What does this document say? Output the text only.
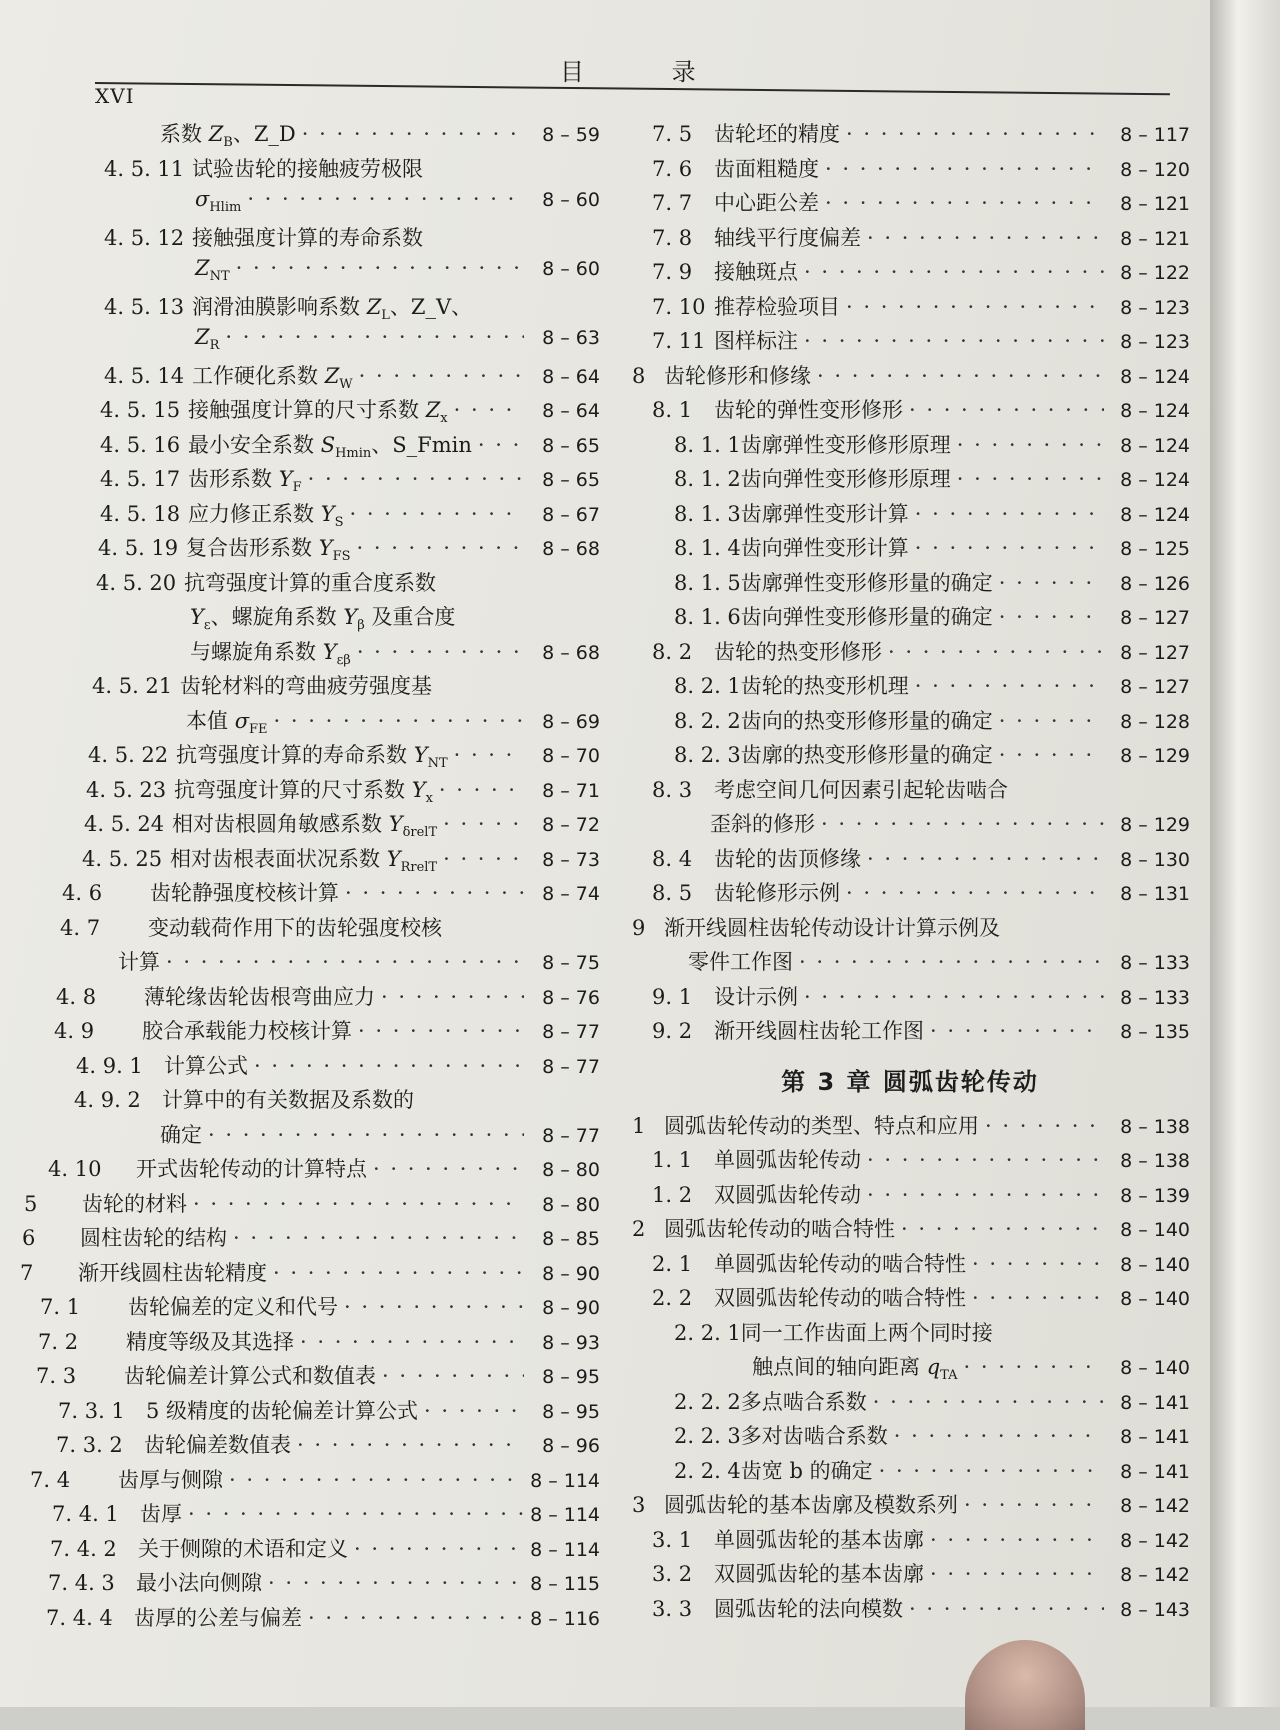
目 录
XVI
系数 $Z_B$、Z_D · · ·	8 – 59
4. 5. 11 试验齿轮的接触疲劳极限
$\sigma_{Hlim}$ · · ·	8 – 60
4. 5. 12 接触强度计算的寿命系数
$Z_{NT}$ · · ·	8 – 60
4. 5. 13 润滑油膜影响系数 $Z_L$、Z_V、
$Z_R$ · · ·	8 – 63
4. 5. 14 工作硬化系数 $Z_W$ · · ·	8 – 64
4. 5. 15 接触强度计算的尺寸系数 $Z_x$ · · ·	8 – 64
4. 5. 16 最小安全系数 $S_{Hmin}$、S_Fmin · · ·	8 – 65
4. 5. 17 齿形系数 $Y_F$ · · ·	8 – 65
4. 5. 18 应力修正系数 $Y_S$ · · ·	8 – 67
4. 5. 19 复合齿形系数 $Y_{FS}$ · · ·	8 – 68
4. 5. 20 抗弯强度计算的重合度系数
$Y_\varepsilon$、螺旋角系数 $Y_\beta$ 及重合度
与螺旋角系数 $Y_{\varepsilon\beta}$ · · ·	8 – 68
4. 5. 21 齿轮材料的弯曲疲劳强度基
本值 $\sigma_{FE}$ · · ·	8 – 69
4. 5. 22 抗弯强度计算的寿命系数 $Y_{NT}$ · · ·	8 – 70
4. 5. 23 抗弯强度计算的尺寸系数 $Y_x$ · · ·	8 – 71
4. 5. 24 相对齿根圆角敏感系数 $Y_{\delta relT}$ · · ·	8 – 72
4. 5. 25 相对齿根表面状况系数 $Y_{RrelT}$ · · ·	8 – 73
4. 6	齿轮静强度校核计算 · · ·	8 – 74
4. 7	变动载荷作用下的齿轮强度校核
计算 · · ·	8 – 75
4. 8	薄轮缘齿轮齿根弯曲应力 · · ·	8 – 76
4. 9	胶合承载能力校核计算 · · ·	8 – 77
4. 9. 1	计算公式 · · ·	8 – 77
4. 9. 2	计算中的有关数据及系数的
确定 · · ·	8 – 77
4. 10	开式齿轮传动的计算特点 · · ·	8 – 80
5	齿轮的材料 · · ·	8 – 80
6	圆柱齿轮的结构 · · ·	8 – 85
7	渐开线圆柱齿轮精度 · · ·	8 – 90
7. 1	齿轮偏差的定义和代号 · · ·	8 – 90
7. 2	精度等级及其选择 · · ·	8 – 93
7. 3	齿轮偏差计算公式和数值表 · · ·	8 – 95
7. 3. 1	5 级精度的齿轮偏差计算公式 · · ·	8 – 95
7. 3. 2	齿轮偏差数值表 · · ·	8 – 96
7. 4	齿厚与侧隙 · · ·	8 – 114
7. 4. 1	齿厚 · · ·	8 – 114
7. 4. 2	关于侧隙的术语和定义 · · ·	8 – 114
7. 4. 3	最小法向侧隙 · · ·	8 – 115
7. 4. 4	齿厚的公差与偏差 · · ·	8 – 116
7. 5	齿轮坯的精度 · · ·	8 – 117
7. 6	齿面粗糙度 · · ·	8 – 120
7. 7	中心距公差 · · ·	8 – 121
7. 8	轴线平行度偏差 · · ·	8 – 121
7. 9	接触斑点 · · ·	8 – 122
7. 10 推荐检验项目 · · ·	8 – 123
7. 11 图样标注 · · ·	8 – 123
8 齿轮修形和修缘 · · ·	8 – 124
8. 1	齿轮的弹性变形修形 · · ·	8 – 124
8. 1. 1 齿廓弹性变形修形原理 · · ·	8 – 124
8. 1. 2 齿向弹性变形修形原理 · · ·	8 – 124
8. 1. 3 齿廓弹性变形计算 · · ·	8 – 124
8. 1. 4 齿向弹性变形计算 · · ·	8 – 125
8. 1. 5 齿廓弹性变形修形量的确定 · · ·	8 – 126
8. 1. 6 齿向弹性变形修形量的确定 · · ·	8 – 127
8. 2	齿轮的热变形修形 · · ·	8 – 127
8. 2. 1 齿轮的热变形机理 · · ·	8 – 127
8. 2. 2 齿向的热变形修形量的确定 · · ·	8 – 128
8. 2. 3 齿廓的热变形修形量的确定 · · ·	8 – 129
8. 3	考虑空间几何因素引起轮齿啮合
歪斜的修形 · · ·	8 – 129
8. 4	齿轮的齿顶修缘 · · ·	8 – 130
8. 5	齿轮修形示例 · · ·	8 – 131
9 渐开线圆柱齿轮传动设计计算示例及
零件工作图 · · ·	8 – 133
9. 1	设计示例 · · ·	8 – 133
9. 2	渐开线圆柱齿轮工作图 · · ·	8 – 135
第 3 章 圆弧齿轮传动
1 圆弧齿轮传动的类型、特点和应用 · · ·	8 – 138
1. 1	单圆弧齿轮传动 · · ·	8 – 138
1. 2	双圆弧齿轮传动 · · ·	8 – 139
2 圆弧齿轮传动的啮合特性 · · ·	8 – 140
2. 1	单圆弧齿轮传动的啮合特性 · · ·	8 – 140
2. 2	双圆弧齿轮传动的啮合特性 · · ·	8 – 140
2. 2. 1 同一工作齿面上两个同时接
触点间的轴向距离 $q_{TA}$ · · ·	8 – 140
2. 2. 2 多点啮合系数 · · ·	8 – 141
2. 2. 3 多对齿啮合系数 · · ·	8 – 141
2. 2. 4 齿宽 b 的确定 · · ·	8 – 141
3 圆弧齿轮的基本齿廓及模数系列 · · ·	8 – 142
3. 1	单圆弧齿轮的基本齿廓 · · ·	8 – 142
3. 2	双圆弧齿轮的基本齿廓 · · ·	8 – 142
3. 3	圆弧齿轮的法向模数 · · ·	8 – 143
